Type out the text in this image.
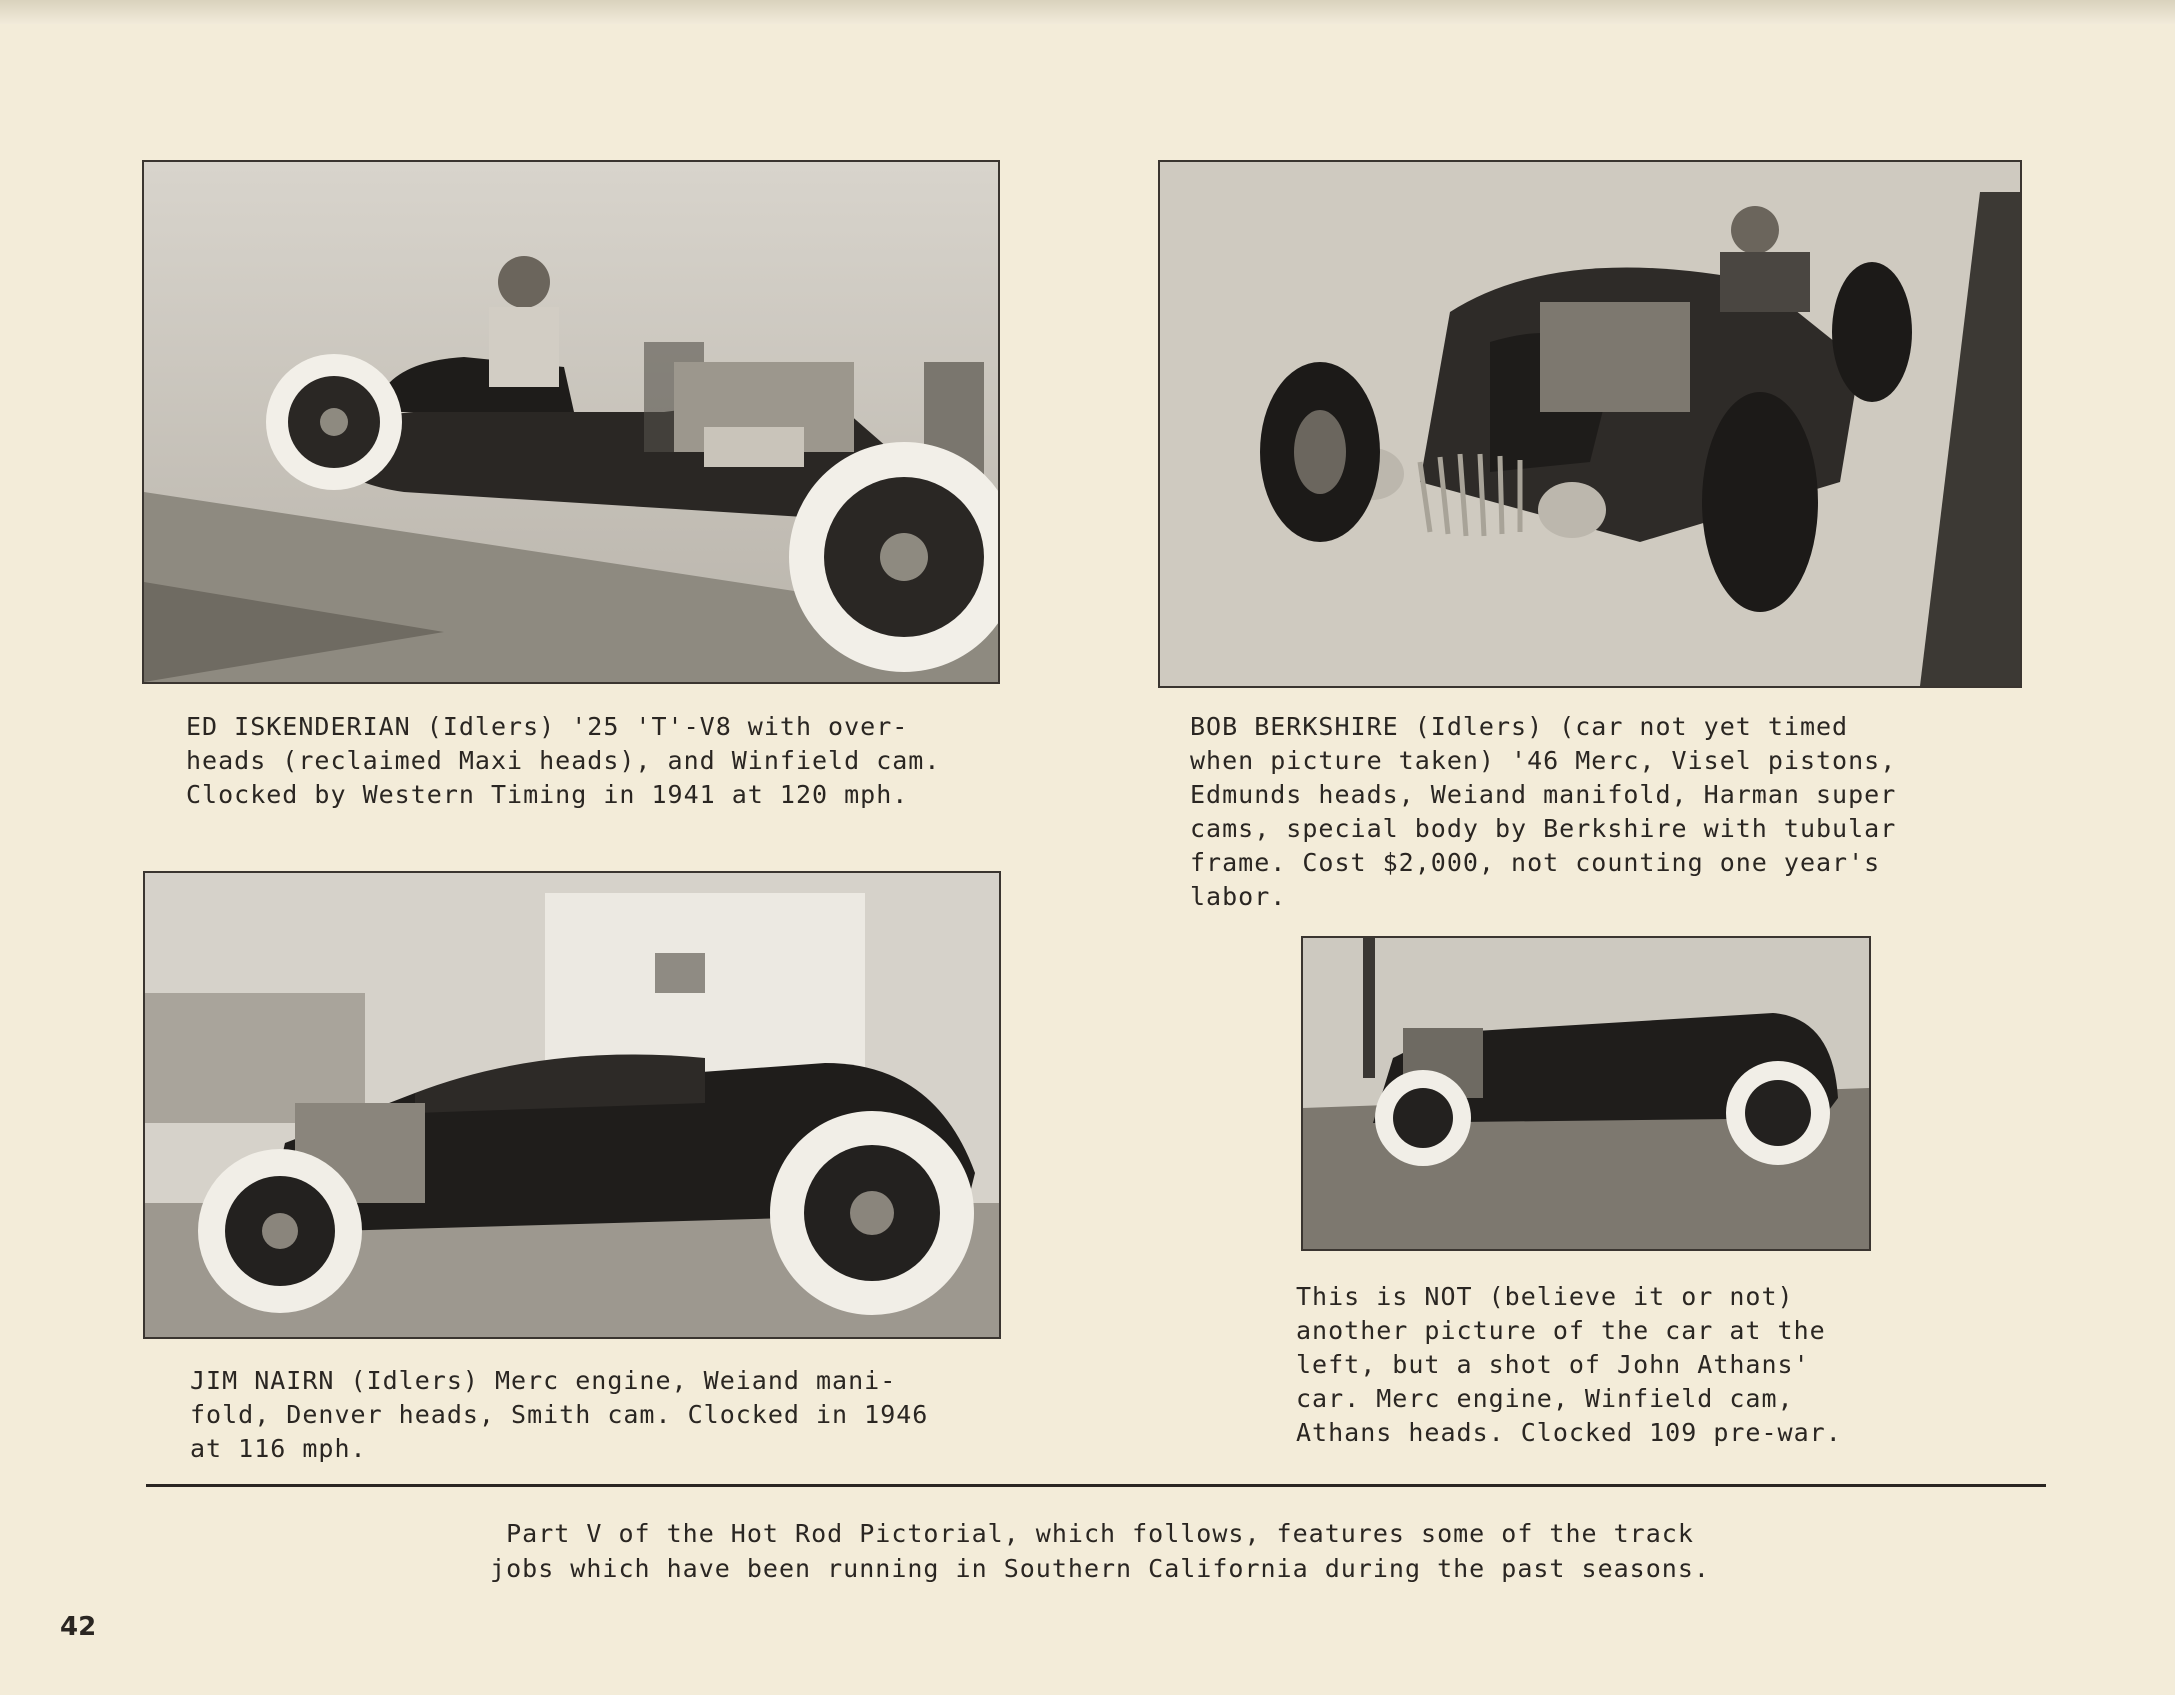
ED ISKENDERIAN (Idlers) '25 'T'-V8 with over-
heads (reclaimed Maxi heads), and Winfield cam.
Clocked by Western Timing in 1941 at 120 mph.

BOB BERKSHIRE (Idlers) (car not yet timed
when picture taken) '46 Merc, Visel pistons,
Edmunds heads, Weiand manifold, Harman super
cams, special body by Berkshire with tubular
frame. Cost $2,000, not counting one year's
labor.

JIM NAIRN (Idlers) Merc engine, Weiand mani-
fold, Denver heads, Smith cam. Clocked in 1946
at 116 mph.

This is NOT (believe it or not)
another picture of the car at the
left, but a shot of John Athans'
car. Merc engine, Winfield cam,
Athans heads. Clocked 109 pre-war.

Part V of the Hot Rod Pictorial, which follows, features some of the track
jobs which have been running in Southern California during the past seasons.

42
